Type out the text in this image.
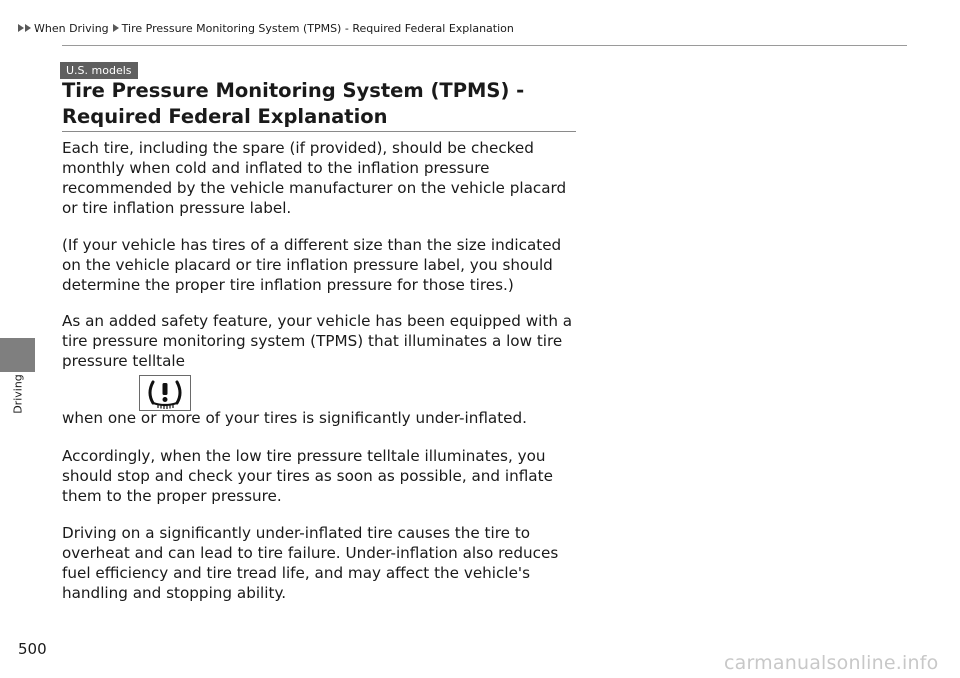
When Driving Tire Pressure Monitoring System (TPMS) - Required Federal Explanation
Driving
U.S. models
Tire Pressure Monitoring System (TPMS) - Required Federal Explanation

Each tire, including the spare (if provided), should be checked monthly when cold and inflated to the inflation pressure recommended by the vehicle manufacturer on the vehicle placard or tire inflation pressure label.

(If your vehicle has tires of a different size than the size indicated on the vehicle placard or tire inflation pressure label, you should determine the proper tire inflation pressure for those tires.)

As an added safety feature, your vehicle has been equipped with a tire pressure monitoring system (TPMS) that illuminates a low tire pressure telltale

when one or more of your tires is significantly under-inflated.

Accordingly, when the low tire pressure telltale illuminates, you should stop and check your tires as soon as possible, and inflate them to the proper pressure.

Driving on a significantly under-inflated tire causes the tire to overheat and can lead to tire failure. Under-inflation also reduces fuel efficiency and tire tread life, and may affect the vehicle's handling and stopping ability.

500
carmanualsonline.info
